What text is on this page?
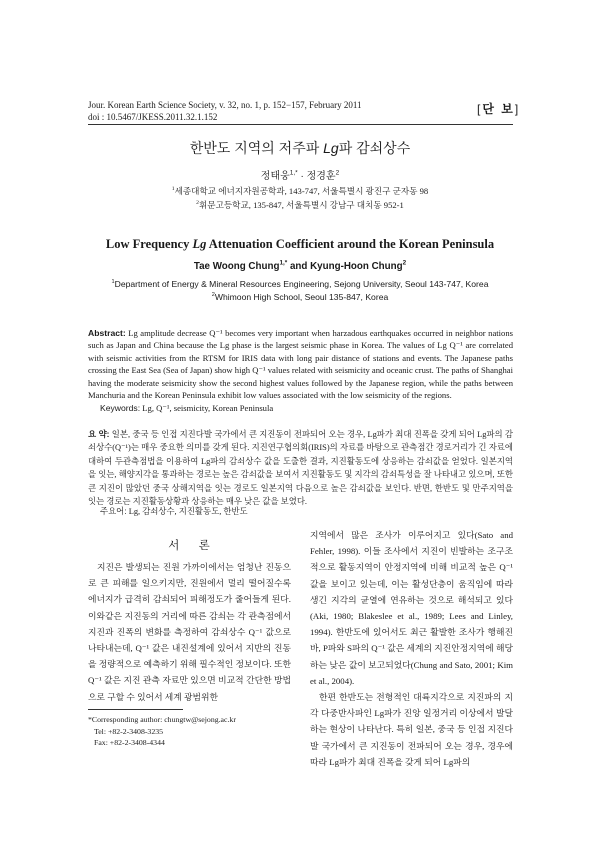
Jour. Korean Earth Science Society, v. 32, no. 1, p. 152−157, February 2011
doi : 10.5467/JKESS.2011.32.1.152
[단 보]
한반도 지역의 저주파 Lg파 감쇠상수
정태웅$^{1,*}$ · 정경훈$^2$
$^1$세종대학교 에너지자원공학과, 143-747, 서울특별시 광진구 군자동 98
$^2$휘문고등학교, 135-847, 서울특별시 강남구 대치동 952-1
Low Frequency Lg Attenuation Coefficient around the Korean Peninsula
Tae Woong Chung$^{1,*}$ and Kyung-Hoon Chung$^2$
$^1$Department of Energy & Mineral Resources Engineering, Sejong University, Seoul 143-747, Korea
$^2$Whimoon High School, Seoul 135-847, Korea
Abstract: Lg amplitude decrease Q⁻¹ becomes very important when harzadous earthquakes occurred in neighbor nations such as Japan and China because the Lg phase is the largest seismic phase in Korea. The values of Lg Q⁻¹ are correlated with seismic activities from the RTSM for IRIS data with long pair distance of stations and events. The Japanese paths crossing the East Sea (Sea of Japan) show high Q⁻¹ values related with seismicity and oceanic crust. The paths of Shanghai having the moderate seismicity show the second highest values followed by the Japanese region, while the paths between Manchuria and the Korean Peninsula exhibit low values associated with the low seismicity of the regions.
Keywords: Lg, Q⁻¹, seismicity, Korean Peninsula
요 약: 일본, 중국 등 인접 지진다발 국가에서 큰 지진동이 전파되어 오는 경우, Lg파가 최대 진폭을 갖게 되어 Lg파의 감쇠상수(Q⁻¹)는 매우 중요한 의미를 갖게 된다. 지진연구협의회(IRIS)의 자료를 바탕으로 관측점간 경로거리가 긴 자료에 대하여 두관측점법을 이용하여 Lg파의 감쇠상수 값을 도출한 결과, 지진활동도에 상응하는 감쇠값을 얻었다. 일본지역을 잇는, 해양지각을 통과하는 경로는 높은 감쇠값을 보여서 지진활동도 및 지각의 감쇠특성을 잘 나타내고 있으며, 또한 큰 지진이 많았던 중국 상해지역을 잇는 경로도 일본지역 다음으로 높은 감쇠값을 보인다. 반면, 한반도 및 만주지역을 잇는 경로는 지진활동상황과 상응하는 매우 낮은 값을 보였다.
주요어: Lg, 감쇠상수, 지진활동도, 한반도
서 론
지진은 발생되는 진원 가까이에서는 엄청난 진동으로 큰 피해를 일으키지만, 진원에서 멀리 떨어질수록 에너지가 급격히 감쇠되어 피해정도가 줄어들게 된다. 이와같은 지진동의 거리에 따른 감쇠는 각 관측점에서 지진과 진폭의 변화를 측정하여 감쇠상수 Q⁻¹ 값으로 나타내는데, Q⁻¹ 값은 내진설계에 있어서 지반의 진동을 정량적으로 예측하기 위해 필수적인 정보이다. 또한 Q⁻¹ 값은 지진 관측 자료만 있으면 비교적 간단한 방법으로 구할 수 있어서 세계 광범위한
지역에서 많은 조사가 이루어지고 있다(Sato and Fehler, 1998). 이들 조사에서 지진이 빈발하는 조구조적으로 활동지역이 안정지역에 비해 비교적 높은 Q⁻¹ 값을 보이고 있는데, 이는 활성단층이 움직임에 따라 생긴 지각의 균열에 연유하는 것으로 해석되고 있다(Aki, 1980; Blakeslee et al., 1989; Lees and Linley, 1994). 한반도에 있어서도 최근 활발한 조사가 행해진 바, P파와 S파의 Q⁻¹ 값은 세계의 지진안정지역에 해당하는 낮은 값이 보고되었다(Chung and Sato, 2001; Kim et al., 2004).
한편 한반도는 전형적인 대륙지각으로 지진파의 지각 다중반사파인 Lg파가 진앙 일정거리 이상에서 발달하는 현상이 나타난다. 특히 일본, 중국 등 인접 지진다발 국가에서 큰 지진동이 전파되어 오는 경우, 경우에 따라 Lg파가 최대 진폭을 갖게 되어 Lg파의
*Corresponding author: chungtw@sejong.ac.kr
Tel: +82-2-3408-3235
Fax: +82-2-3408-4344
